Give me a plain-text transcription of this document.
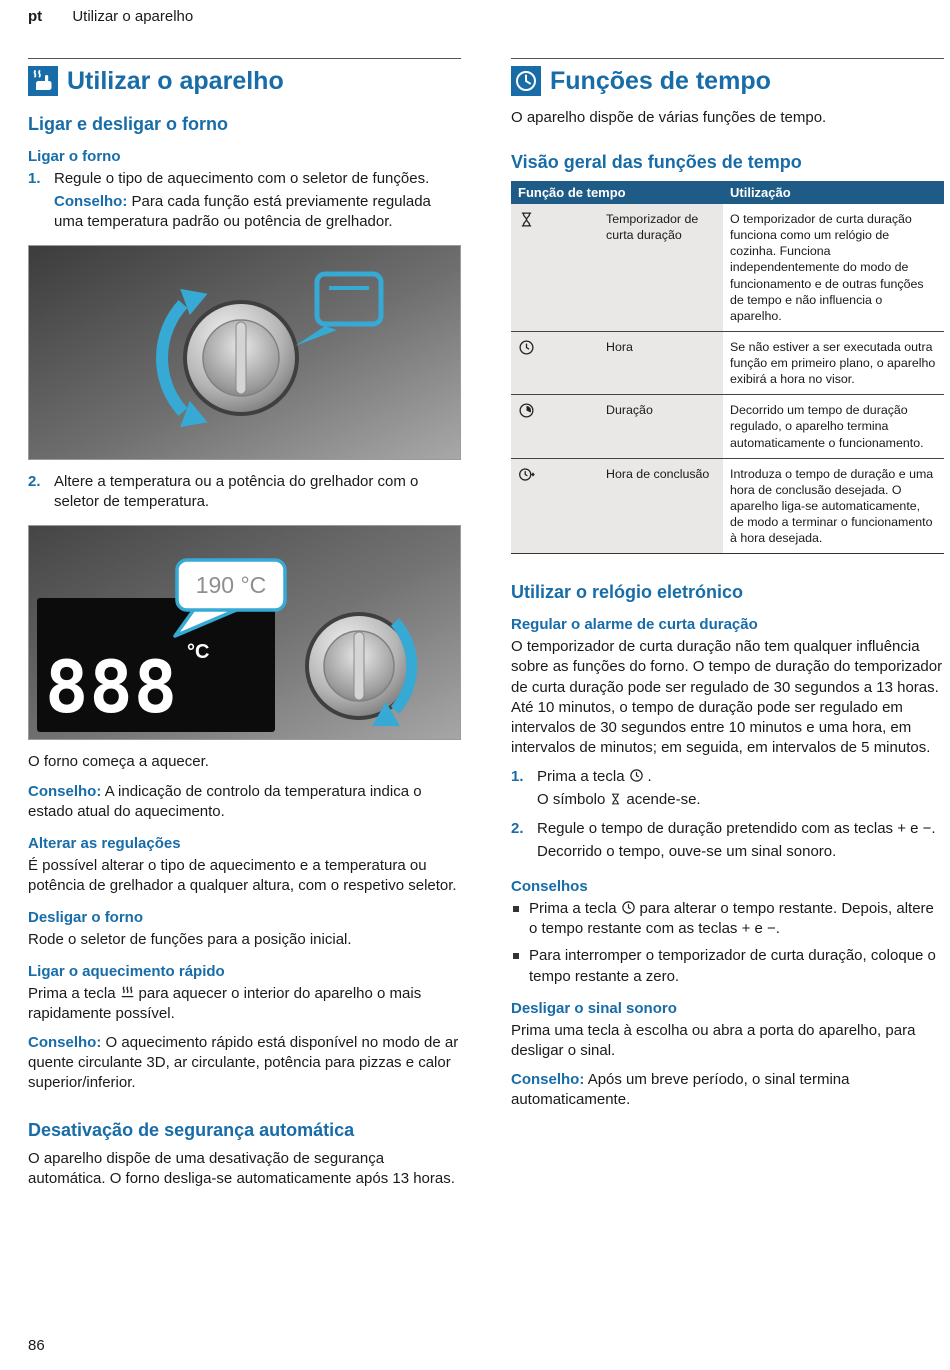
pt Utilizar o aparelho
Utilizar o aparelho
Ligar e desligar o forno
Ligar o forno
1. Regule o tipo de aquecimento com o seletor de funções.

Conselho: Para cada função está previamente regulada uma temperatura padrão ou potência de grelhador.

2. Altere a temperatura ou a potência do grelhador com o seletor de temperatura.

888 °C
190 °C

O forno começa a aquecer.

Conselho: A indicação de controlo da temperatura indica o estado atual do aquecimento.

Alterar as regulações

É possível alterar o tipo de aquecimento e a temperatura ou potência de grelhador a qualquer altura, com o respetivo seletor.

Desligar o forno

Rode o seletor de funções para a posição inicial.

Ligar o aquecimento rápido

Prima a tecla para aquecer o interior do aparelho o mais rapidamente possível.

Conselho: O aquecimento rápido está disponível no modo de ar quente circulante 3D, ar circulante, potência para pizzas e calor superior/inferior.

Desativação de segurança automática

O aparelho dispõe de uma desativação de segurança automática. O forno desliga-se automaticamente após 13 horas.

Funções de tempo

O aparelho dispõe de várias funções de tempo.

Visão geral das funções de tempo
Função de tempo		Utilização
	Temporizador de curta duração	O temporizador de curta duração funciona como um relógio de cozinha. Funciona independentemente do modo de funcionamento e de outras funções de tempo e não influencia o aparelho.
	Hora	Se não estiver a ser executada outra função em primeiro plano, o aparelho exibirá a hora no visor.
	Duração	Decorrido um tempo de duração regulado, o aparelho termina automaticamente o funcionamento.
	Hora de conclusão	Introduza o tempo de duração e uma hora de conclusão desejada. O aparelho liga-se automaticamente, de modo a terminar o funcionamento à hora desejada.
Utilizar o relógio eletrónico
Regular o alarme de curta duração

O temporizador de curta duração não tem qualquer influência sobre as funções do forno. O tempo de duração do temporizador de curta duração pode ser regulado de 30 segundos a 13 horas. Até 10 minutos, o tempo de duração pode ser regulado em intervalos de 30 segundos entre 10 minutos e uma hora, em intervalos de minutos; em seguida, em intervalos de 5 minutos.

1. Prima a tecla .

O símbolo acende-se.

2. Regule o tempo de duração pretendido com as teclas + e −.

Decorrido o tempo, ouve-se um sinal sonoro.

Conselhos

Prima a tecla para alterar o tempo restante. Depois, altere o tempo restante com as teclas + e −.

Para interromper o temporizador de curta duração, coloque o tempo restante a zero.

Desligar o sinal sonoro

Prima uma tecla à escolha ou abra a porta do aparelho, para desligar o sinal.

Conselho: Após um breve período, o sinal termina automaticamente.

86
